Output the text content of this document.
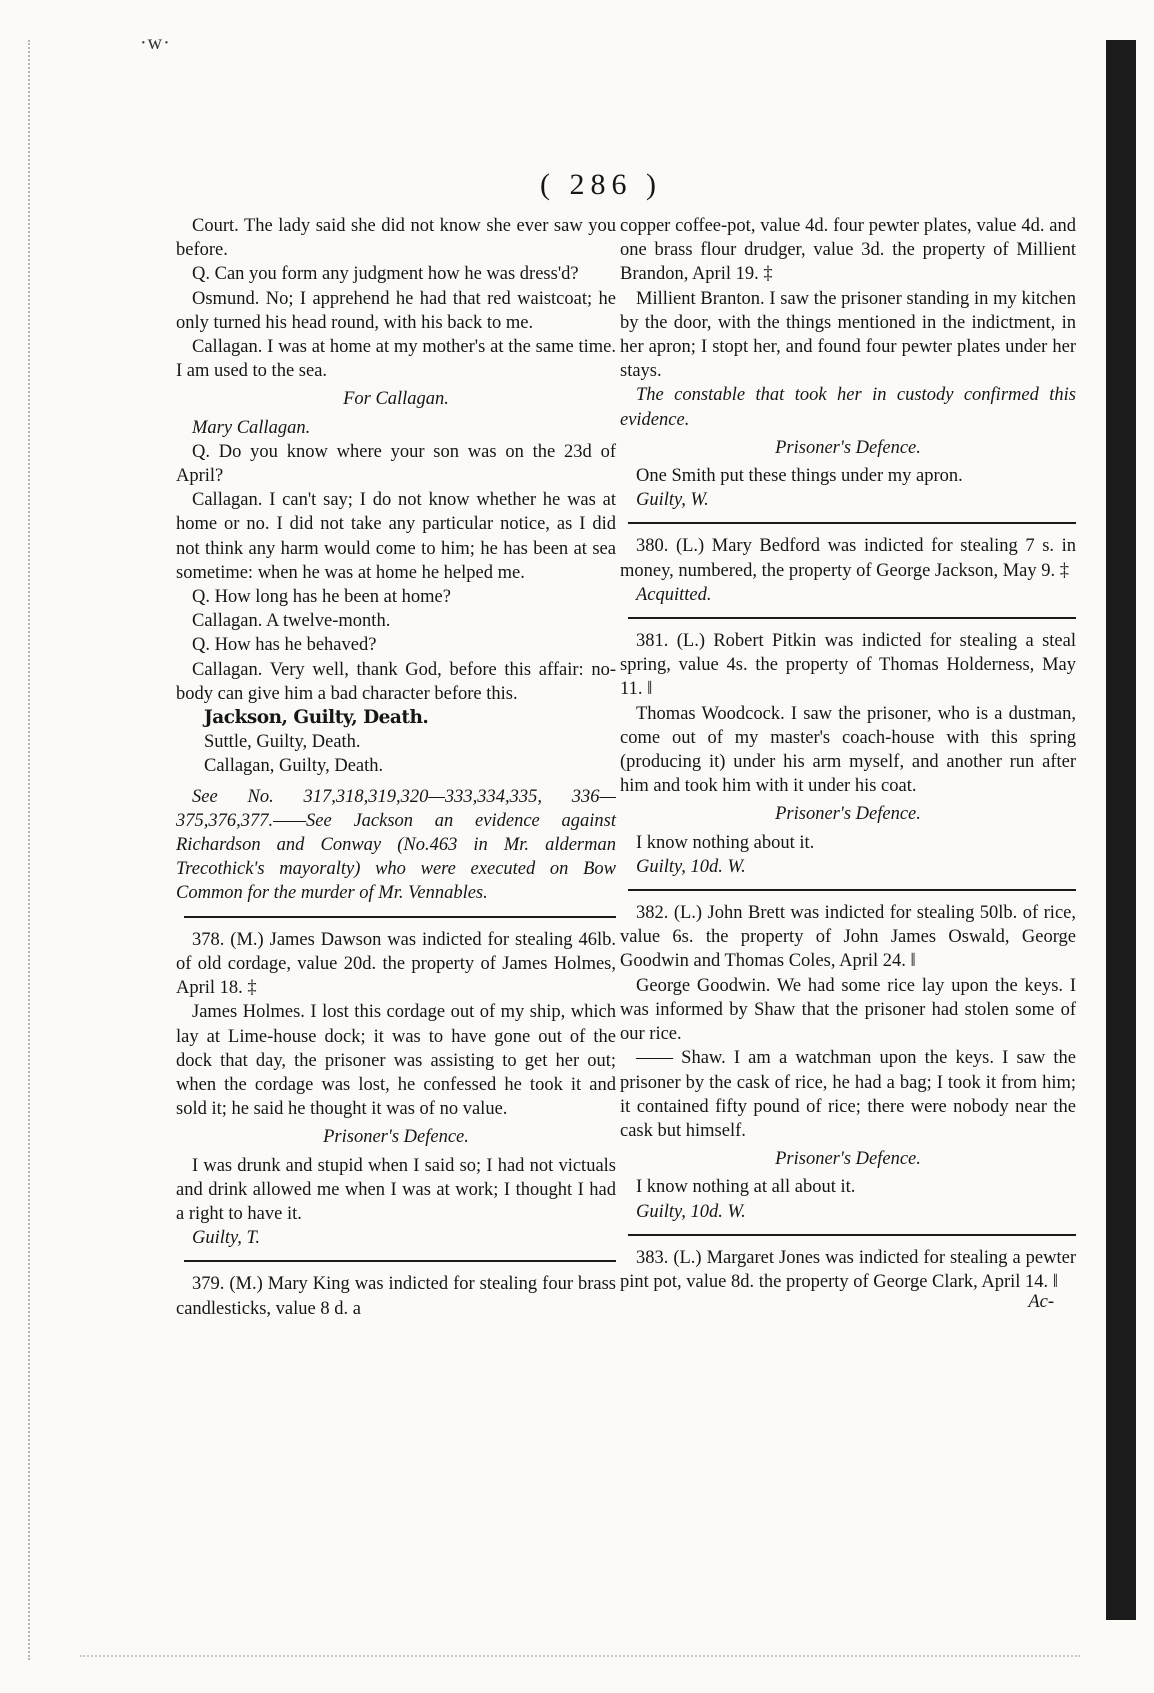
·w·
( 286 )

Court. The lady said she did not know she ever saw you before.

Q. Can you form any judgment how he was dress'd?

Osmund. No; I apprehend he had that red waistcoat; he only turned his head round, with his back to me.

Callagan. I was at home at my mother's at the same time. I am used to the sea.

For Callagan.

Mary Callagan.

Q. Do you know where your son was on the 23d of April?

Callagan. I can't say; I do not know whether he was at home or no. I did not take any particular notice, as I did not think any harm would come to him; he has been at sea sometime: when he was at home he helped me.

Q. How long has he been at home?

Callagan. A twelve-month.

Q. How has he behaved?

Callagan. Very well, thank God, before this affair: no-body can give him a bad character before this.

Jackson, Guilty, Death.

Suttle, Guilty, Death.

Callagan, Guilty, Death.

See No. 317,318,319,320—333,334,335, 336—375,376,377.——See Jackson an evidence against Richardson and Conway (No.463 in Mr. alderman Trecothick's mayoralty) who were executed on Bow Common for the murder of Mr. Vennables.

378. (M.) James Dawson was indicted for stealing 46lb. of old cordage, value 20d. the property of James Holmes, April 18. ‡

James Holmes. I lost this cordage out of my ship, which lay at Lime-house dock; it was to have gone out of the dock that day, the prisoner was assisting to get her out; when the cordage was lost, he confessed he took it and sold it; he said he thought it was of no value.

Prisoner's Defence.

I was drunk and stupid when I said so; I had not victuals and drink allowed me when I was at work; I thought I had a right to have it.

Guilty, T.

379. (M.) Mary King was indicted for stealing four brass candlesticks, value 8 d. a

copper coffee-pot, value 4d. four pewter plates, value 4d. and one brass flour drudger, value 3d. the property of Millient Brandon, April 19. ‡

Millient Branton. I saw the prisoner standing in my kitchen by the door, with the things mentioned in the indictment, in her apron; I stopt her, and found four pewter plates under her stays.

The constable that took her in custody confirmed this evidence.

Prisoner's Defence.

One Smith put these things under my apron.

Guilty, W.

380. (L.) Mary Bedford was indicted for stealing 7 s. in money, numbered, the property of George Jackson, May 9. ‡

Acquitted.

381. (L.) Robert Pitkin was indicted for stealing a steal spring, value 4s. the property of Thomas Holderness, May 11. ‖

Thomas Woodcock. I saw the prisoner, who is a dustman, come out of my master's coach-house with this spring (producing it) under his arm myself, and another run after him and took him with it under his coat.

Prisoner's Defence.

I know nothing about it.

Guilty, 10d. W.

382. (L.) John Brett was indicted for stealing 50lb. of rice, value 6s. the property of John James Oswald, George Goodwin and Thomas Coles, April 24. ‖

George Goodwin. We had some rice lay upon the keys. I was informed by Shaw that the prisoner had stolen some of our rice.

—— Shaw. I am a watchman upon the keys. I saw the prisoner by the cask of rice, he had a bag; I took it from him; it contained fifty pound of rice; there were nobody near the cask but himself.

Prisoner's Defence.

I know nothing at all about it.

Guilty, 10d. W.

383. (L.) Margaret Jones was indicted for stealing a pewter pint pot, value 8d. the property of George Clark, April 14. ‖

Ac-
